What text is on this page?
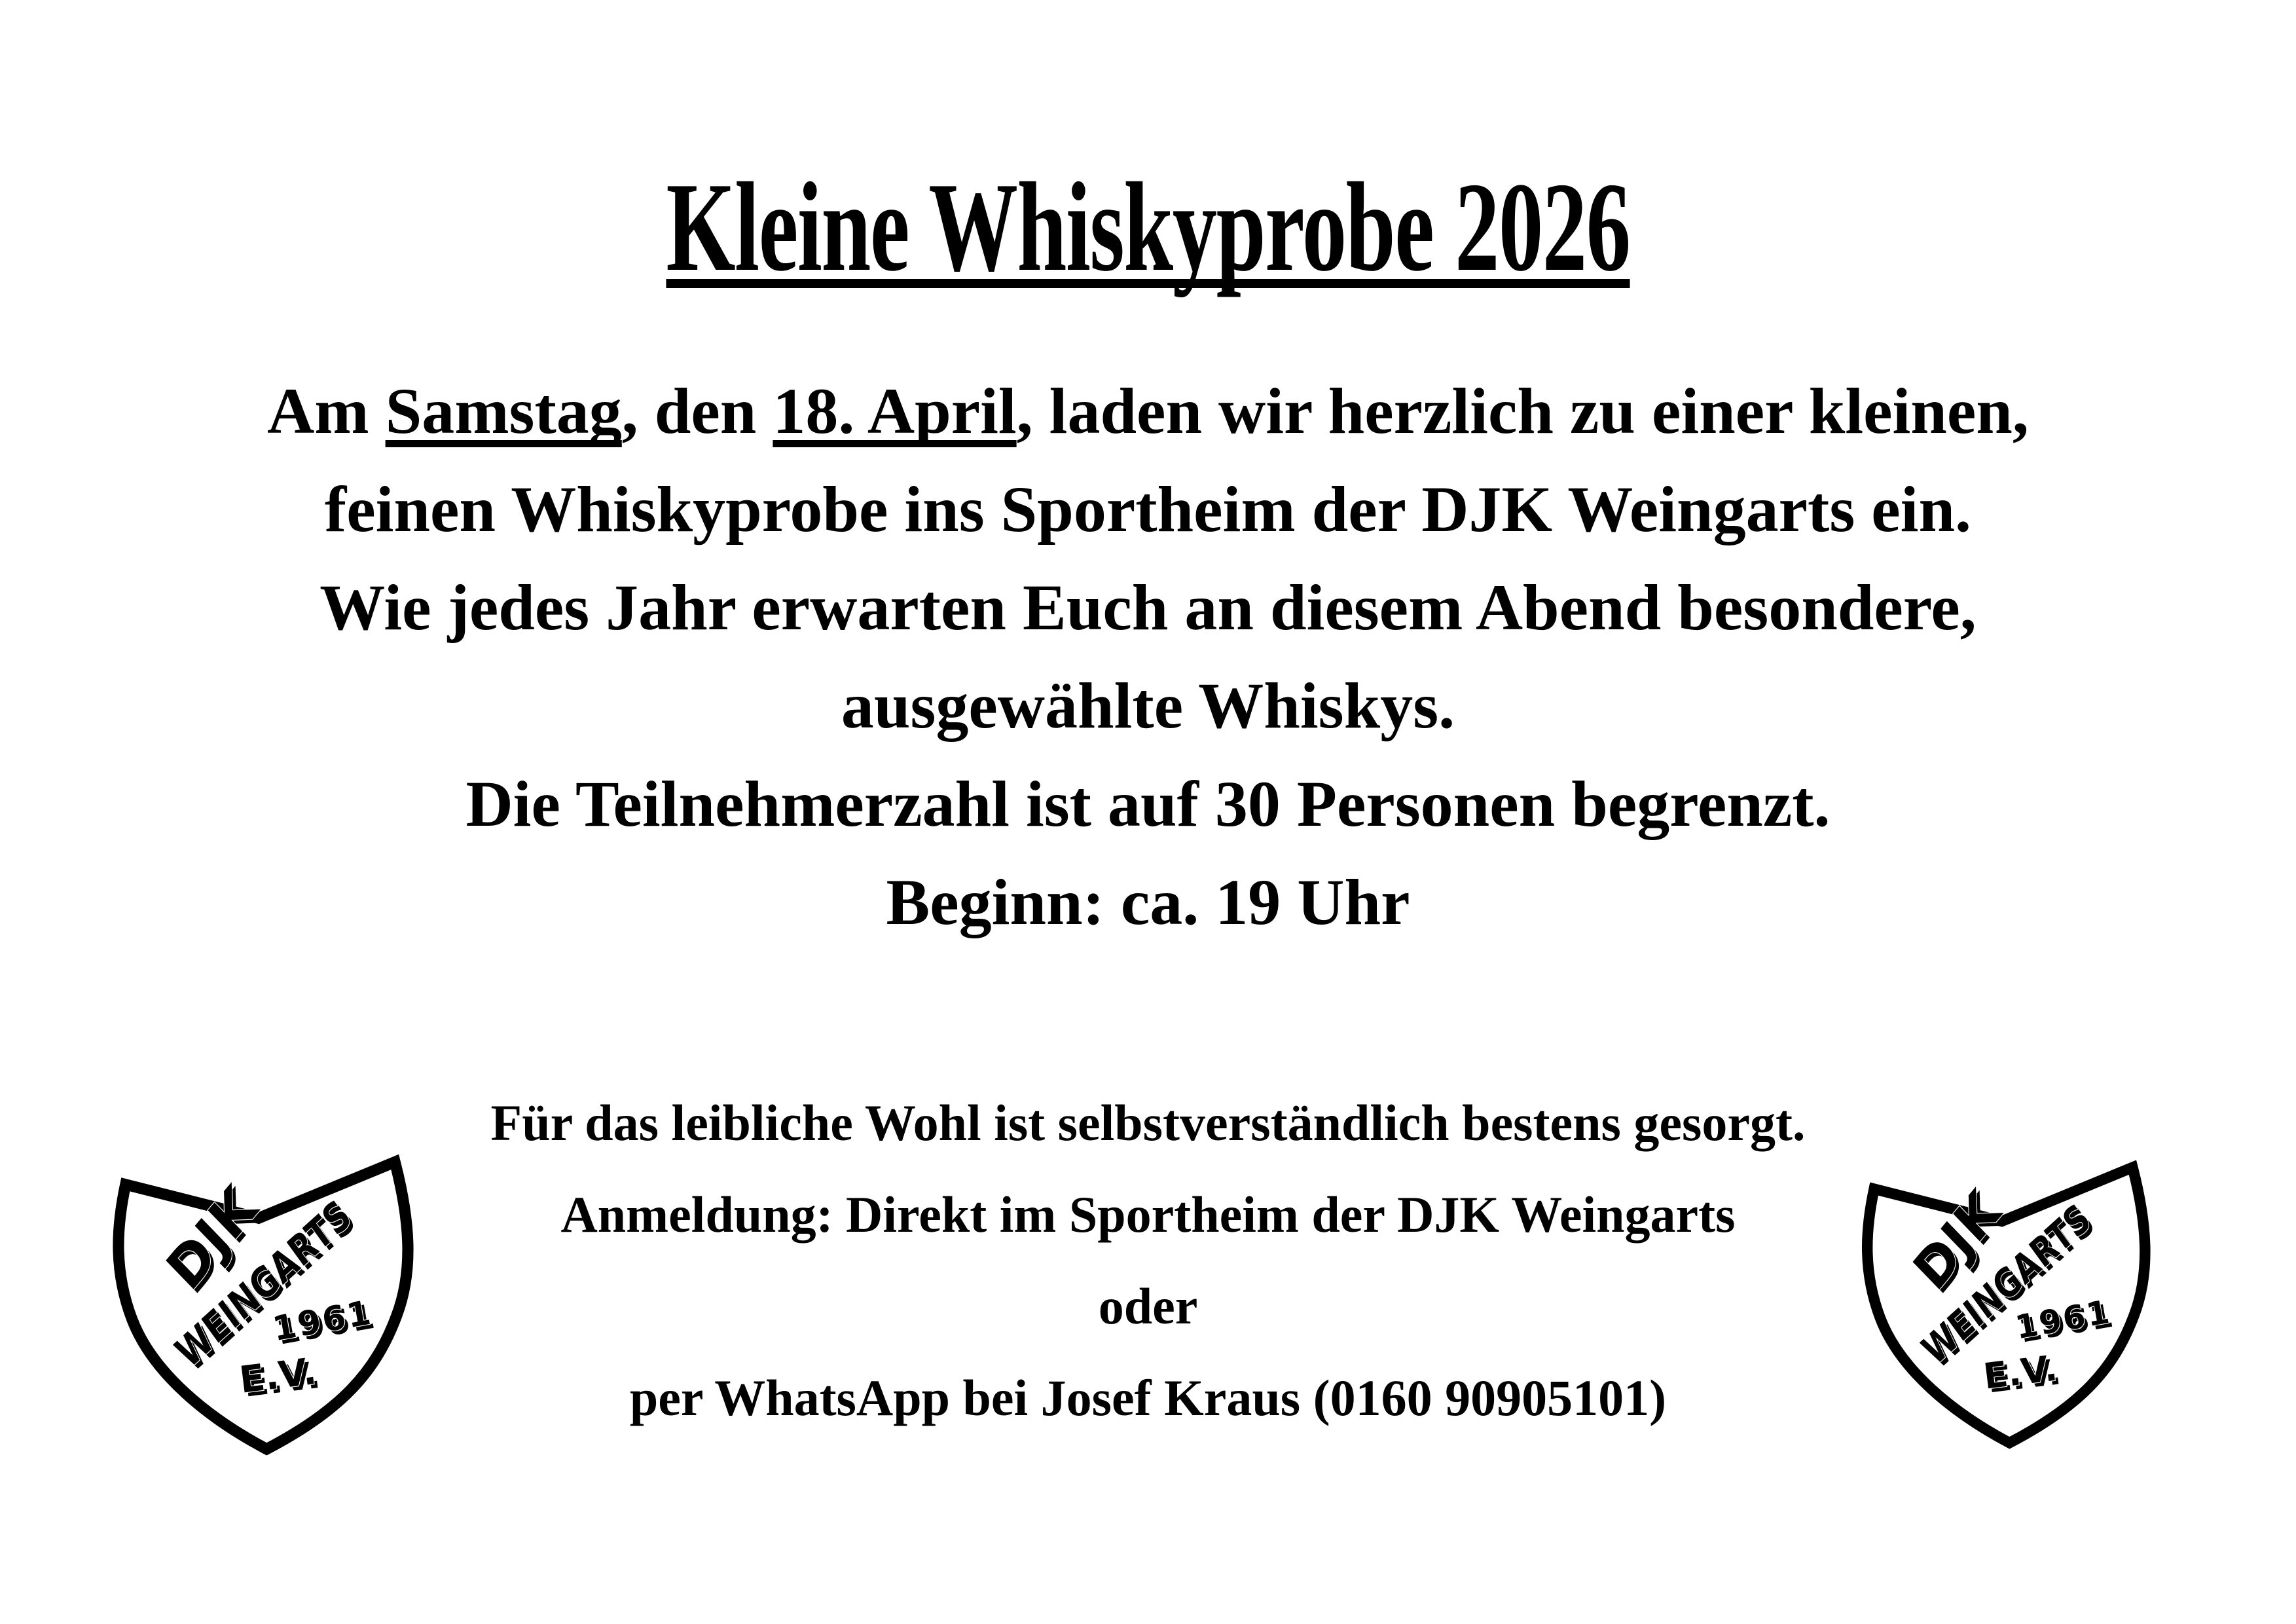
Kleine Whiskyprobe 2026
Am Samstag, den 18. April, laden wir herzlich zu einer kleinen,
feinen Whiskyprobe ins Sportheim der DJK Weingarts ein.
Wie jedes Jahr erwarten Euch an diesem Abend besondere,
ausgewählte Whiskys.
Die Teilnehmerzahl ist auf 30 Personen begrenzt.
Beginn: ca. 19 Uhr
Für das leibliche Wohl ist selbstverständlich bestens gesorgt.
Anmeldung: Direkt im Sportheim der DJK Weingarts
oder
per WhatsApp bei Josef Kraus (0160 90905101)
